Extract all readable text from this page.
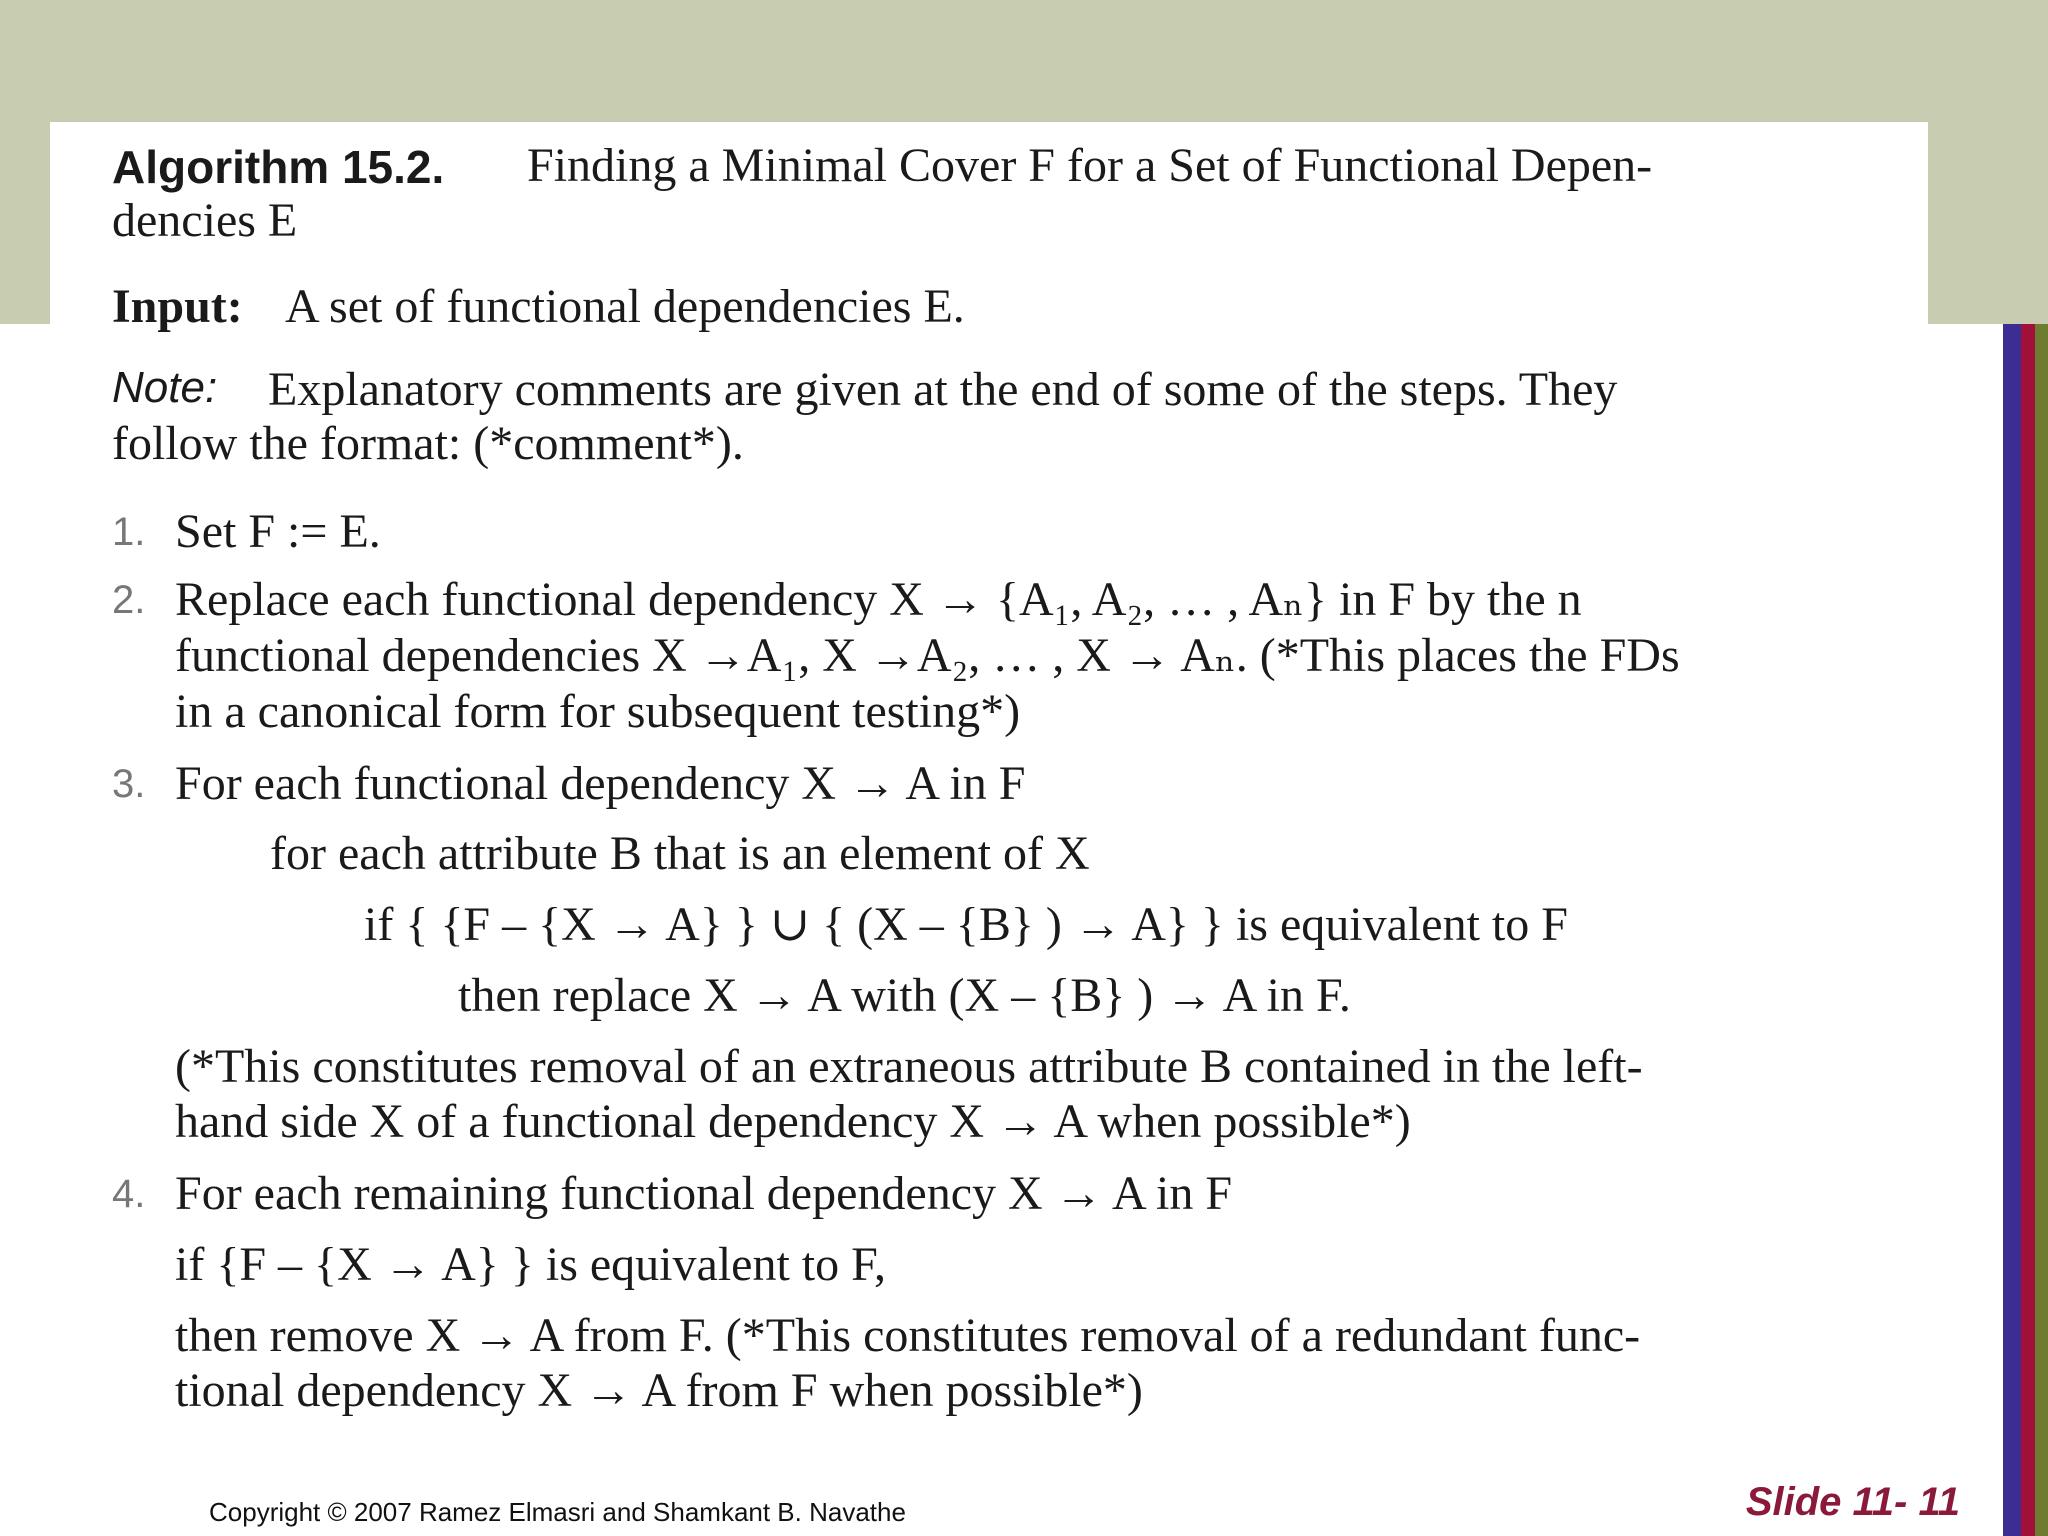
Algorithm 15.2. Finding a Minimal Cover F for a Set of Functional Depen-
dencies E
Input: A set of functional dependencies E.
Note: Explanatory comments are given at the end of some of the steps. They
follow the format: (*comment*).
1. Set F := E.
2. Replace each functional dependency X → {A₁, A₂, … , Aₙ} in F by the n
functional dependencies X →A₁, X →A₂, … , X → Aₙ. (*This places the FDs
in a canonical form for subsequent testing*)
3. For each functional dependency X → A in F
for each attribute B that is an element of X
if { {F – {X → A} } ∪ { (X – {B} ) → A} } is equivalent to F
then replace X → A with (X – {B} ) → A in F.
(*This constitutes removal of an extraneous attribute B contained in the left-
hand side X of a functional dependency X → A when possible*)
4. For each remaining functional dependency X → A in F
if {F – {X → A} } is equivalent to F,
then remove X → A from F. (*This constitutes removal of a redundant func-
tional dependency X → A from F when possible*)
Copyright © 2007 Ramez Elmasri and Shamkant B. Navathe	Slide 11- 11
